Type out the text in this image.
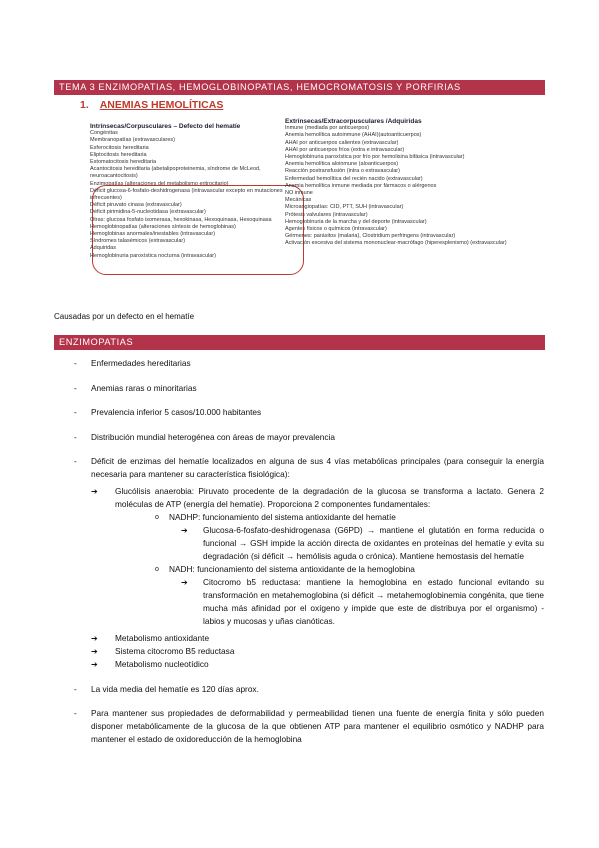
TEMA 3 ENZIMOPATIAS, HEMOGLOBINOPATIAS, HEMOCROMATOSIS Y PORFIRIAS
1. ANEMIAS HEMOLÍTICAS
Intrínsecas/Corpusculares – Defecto del hematíe
Congénitas
Membranopatías (extravasculares)
Esferocitosis hereditaria
Eliptocitosis hereditaria
Estomatocitosis hereditaria
Acantocitosis hereditaria (abetalipoproteinemia, síndrome de McLeod, neuroacantocitosis)
Enzimopatías (alteraciones del metabolismo eritrocitario)
Déficit glucosa-6-fosfato-deshidrogenasa (intravascular excepto en mutaciones infrecuentes)
Déficit piruvato cinasa (extravascular)
Déficit pirimidina-5-nucleotidasa (extravascular)
Otras: glucosa fosfato isomerasa, hexokinasa, Hexoquinasa, Hexoquinasa
Hemoglobinopatías (alteraciones síntesis de hemoglobinas)
Hemoglobinas anormales/inestables (intravascular)
Síndromes talasémicos (extravascular)
Adquiridas
Hemoglobinuria paroxística nocturna (intravascular)
Extrínsecas/Extracorpusculares /Adquiridas
Inmune (mediada por anticuerpos)
Anemia hemolítica autoinmune (AHAI)(autoanticuerpos)
AHAI por anticuerpos calientes (extravascular)
AHAI por anticuerpos fríos (extra e intravascular)
Hemoglobinuria paroxística por frío por hemolisina bifásica (intravascular)
Anemia hemolítica aloinmune (aloanticuerpos)
Reacción postransfusión (intra o extravascular)
Enfermedad hemolítica del recién nacido (extravascular)
Anemia hemolítica inmune mediada por fármacos o alérgenos
NO inmune
Mecánicas
Microangiopatías: CID, PTT, SUH (intravascular)
Prótesis valvulares (intravascular)
Hemoglobinuria de la marcha y del deporte (intravascular)
Agentes físicos o químicos (intravascular)
Gérmenes: parásitos (malaria), Clostridium perfringens (intravascular)
Activación excesiva del sistema mononuclear-macrófago (hiperesplenismo) (extravascular)
Causadas por un defecto en el hematíe
ENZIMOPATIAS
- Enfermedades hereditarias
- Anemias raras o minoritarias
- Prevalencia inferior 5 casos/10.000 habitantes
- Distribución mundial heterogénea con áreas de mayor prevalencia
- Déficit de enzimas del hematíe localizados en alguna de sus 4 vías metabólicas principales (para conseguir la energía necesaria para mantener su característica fisiológica):
➔ Glucólisis anaerobia: Piruvato procedente de la degradación de la glucosa se transforma a lactato. Genera 2 moléculas de ATP (energía del hematíe). Proporciona 2 componentes fundamentales:
o NADHP: funcionamiento del sistema antioxidante del hematíe
➔ Glucosa-6-fosfato-deshidrogenasa (G6PD) → mantiene el glutatión en forma reducida o funcional → GSH impide la acción directa de oxidantes en proteínas del hematíe y evita su degradación (si déficit → hemólisis aguda o crónica). Mantiene hemostasis del hematíe
o NADH: funcionamiento del sistema antioxidante de la hemoglobina
➔ Citocromo b5 reductasa: mantiene la hemoglobina en estado funcional evitando su transformación en metahemoglobina (si déficit → metahemoglobinemia congénita, que tiene mucha más afinidad por el oxígeno y impide que este de distribuya por el organismo) - labios y mucosas y uñas cianóticas.
➔ Metabolismo antioxidante
➔ Sistema citocromo B5 reductasa
➔ Metabolismo nucleotídico
- La vida media del hematíe es 120 días aprox.
- Para mantener sus propiedades de deformabilidad y permeabilidad tienen una fuente de energía finita y sólo pueden disponer metabólicamente de la glucosa de la que obtienen ATP para mantener el equilibrio osmótico y NADHP para mantener el estado de oxidoreducción de la hemoglobina
